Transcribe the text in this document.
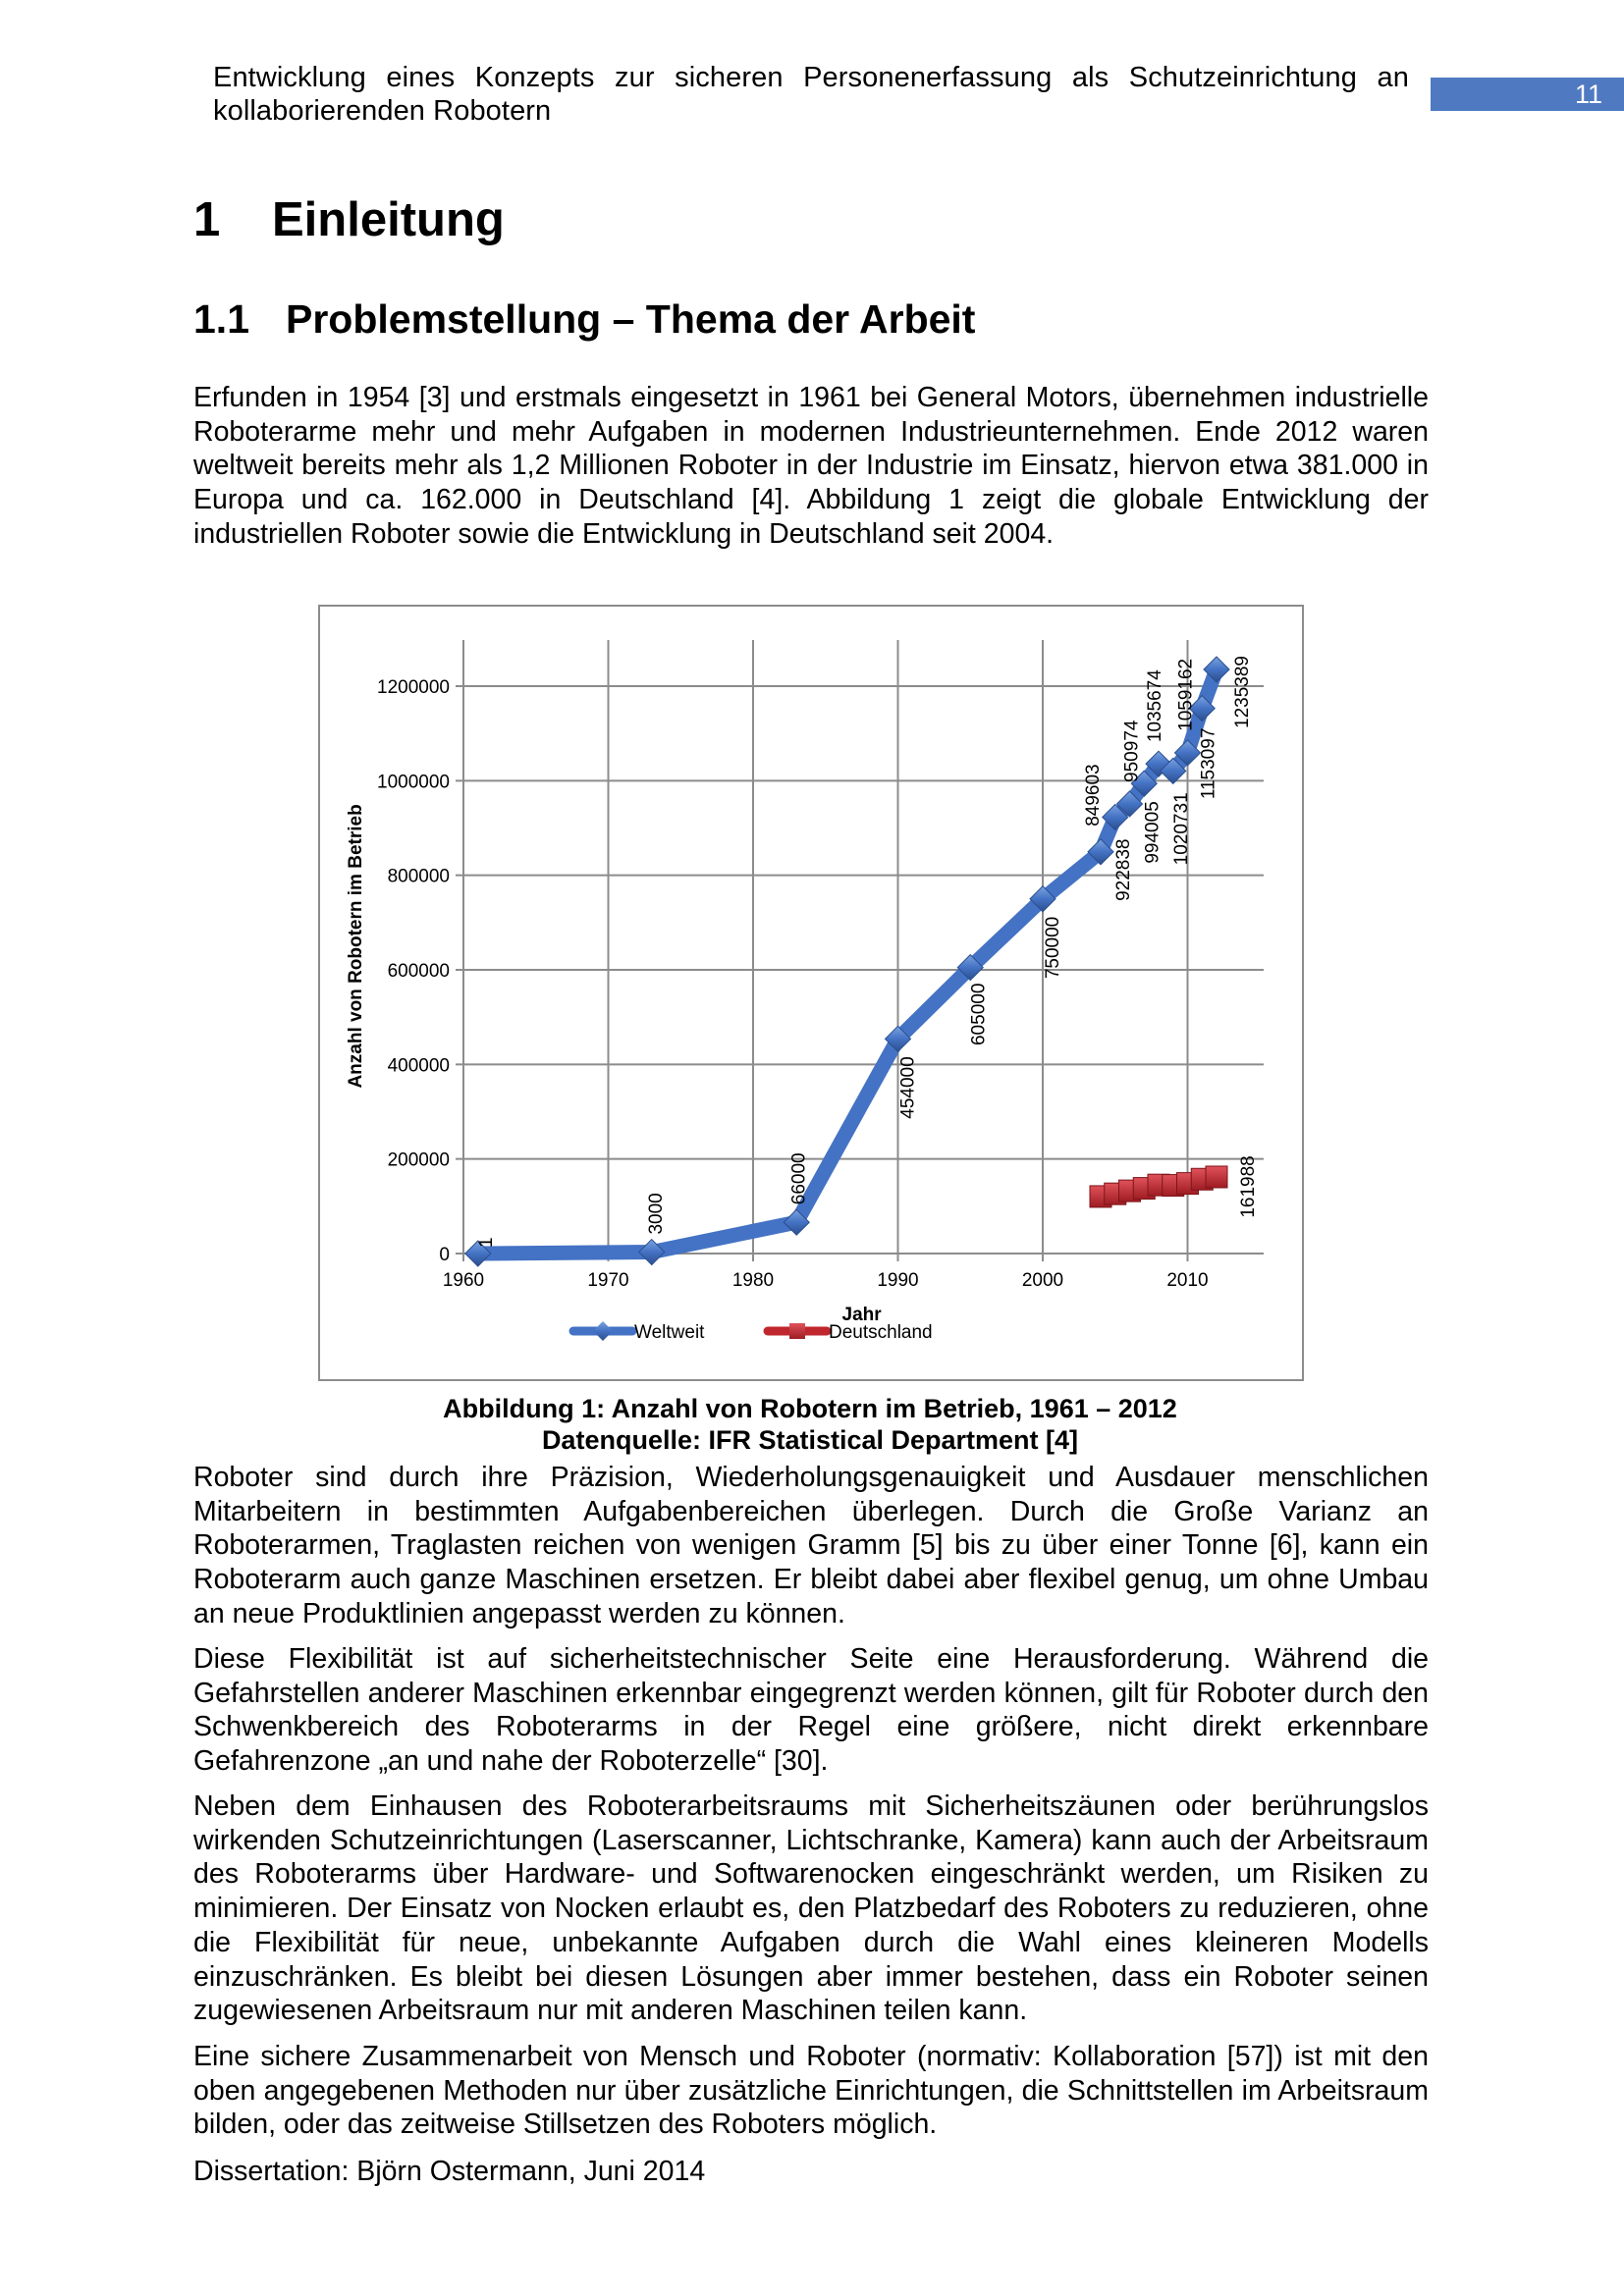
Entwicklung eines Konzepts zur sicheren Personenerfassung als Schutzeinrichtung an kollaborierenden Robotern
11
1 Einleitung
1.1 Problemstellung – Thema der Arbeit
Erfunden in 1954 [3] und erstmals eingesetzt in 1961 bei General Motors, übernehmen industrielle Roboterarme mehr und mehr Aufgaben in modernen Industrieunternehmen. Ende 2012 waren weltweit bereits mehr als 1,2 Millionen Roboter in der Industrie im Einsatz, hiervon etwa 381.000 in Europa und ca. 162.000 in Deutschland [4]. Abbildung 1 zeigt die globale Entwicklung der industriellen Roboter sowie die Entwicklung in Deutschland seit 2004.
0
200000
400000
600000
800000
1000000
1200000
1960	1970	1980	1990	2000	2010
Jahr
Anzahl von Robotern im Betrieb
1
3000
66000
454000
605000
750000
849603
922838
950974
994005
1035674
1020731
1059162
1153097
1235389
161988
Weltweit	Deutschland
Abbildung 1: Anzahl von Robotern im Betrieb, 1961 – 2012
Datenquelle: IFR Statistical Department [4]
Roboter sind durch ihre Präzision, Wiederholungsgenauigkeit und Ausdauer menschlichen Mitarbeitern in bestimmten Aufgabenbereichen überlegen. Durch die Große Varianz an Roboterarmen, Traglasten reichen von wenigen Gramm [5] bis zu über einer Tonne [6], kann ein Roboterarm auch ganze Maschinen ersetzen. Er bleibt dabei aber flexibel genug, um ohne Umbau an neue Produktlinien angepasst werden zu können.
Diese Flexibilität ist auf sicherheitstechnischer Seite eine Herausforderung. Während die Gefahrstellen anderer Maschinen erkennbar eingegrenzt werden können, gilt für Roboter durch den Schwenkbereich des Roboterarms in der Regel eine größere, nicht direkt erkennbare Gefahrenzone „an und nahe der Roboterzelle“ [30].
Neben dem Einhausen des Roboterarbeitsraums mit Sicherheitszäunen oder berührungslos wirkenden Schutzeinrichtungen (Laserscanner, Lichtschranke, Kamera) kann auch der Arbeitsraum des Roboterarms über Hardware- und Softwarenocken eingeschränkt werden, um Risiken zu minimieren. Der Einsatz von Nocken erlaubt es, den Platzbedarf des Roboters zu reduzieren, ohne die Flexibilität für neue, unbekannte Aufgaben durch die Wahl eines kleineren Modells einzuschränken. Es bleibt bei diesen Lösungen aber immer bestehen, dass ein Roboter seinen zugewiesenen Arbeitsraum nur mit anderen Maschinen teilen kann.
Eine sichere Zusammenarbeit von Mensch und Roboter (normativ: Kollaboration [57]) ist mit den oben angegebenen Methoden nur über zusätzliche Einrichtungen, die Schnittstellen im Arbeitsraum bilden, oder das zeitweise Stillsetzen des Roboters möglich.
Dissertation: Björn Ostermann, Juni 2014
